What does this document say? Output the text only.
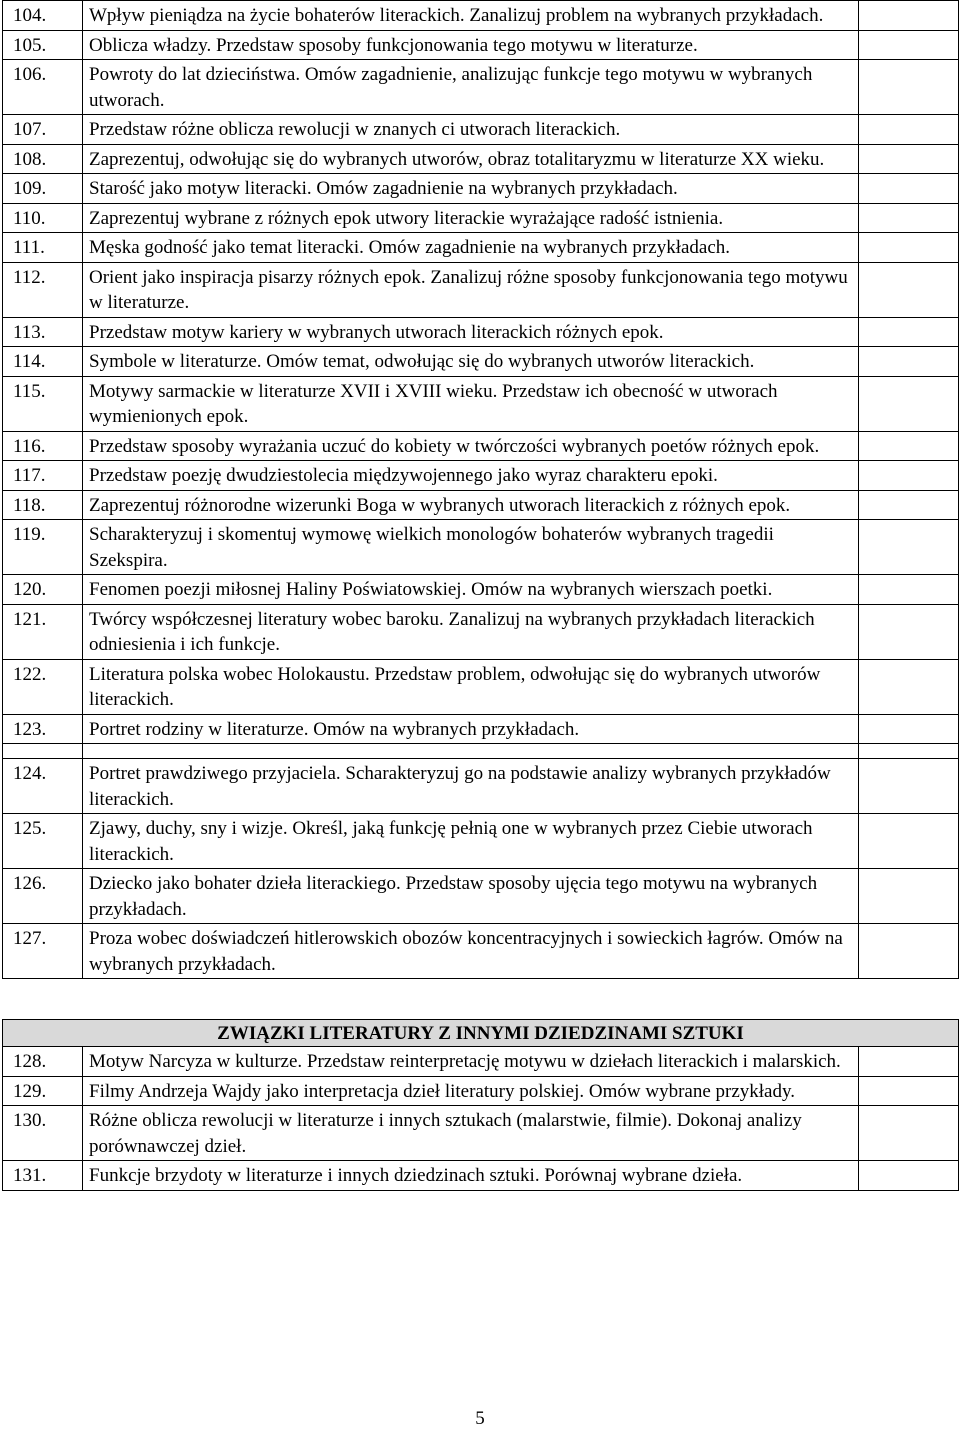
104.	Wpływ pieniądza na życie bohaterów literackich. Zanalizuj problem na wybranych przykładach.	
105.	Oblicza władzy. Przedstaw sposoby funkcjonowania tego motywu w literaturze.	
106.	Powroty do lat dzieciństwa. Omów zagadnienie, analizując funkcje tego motywu w wybranych utworach.	
107.	Przedstaw różne oblicza rewolucji w znanych ci utworach literackich.	
108.	Zaprezentuj, odwołując się do wybranych utworów, obraz totalitaryzmu w literaturze XX wieku.	
109.	Starość jako motyw literacki. Omów zagadnienie na wybranych przykładach.	
110.	Zaprezentuj wybrane z różnych epok utwory literackie wyrażające radość istnienia.	
111.	Męska godność jako temat literacki. Omów zagadnienie na wybranych przykładach.	
112.	Orient jako inspiracja pisarzy różnych epok. Zanalizuj różne sposoby funkcjonowania tego motywu w literaturze.	
113.	Przedstaw motyw kariery w wybranych utworach literackich różnych epok.	
114.	Symbole w literaturze. Omów temat, odwołując się do wybranych utworów literackich.	
115.	Motywy sarmackie w literaturze XVII i XVIII wieku. Przedstaw ich obecność w utworach wymienionych epok.	
116.	Przedstaw sposoby wyrażania uczuć do kobiety w twórczości wybranych poetów różnych epok.	
117.	Przedstaw poezję dwudziestolecia międzywojennego jako wyraz charakteru epoki.	
118.	Zaprezentuj różnorodne wizerunki Boga w wybranych utworach literackich z różnych epok.	
119.	Scharakteryzuj i skomentuj wymowę wielkich monologów bohaterów wybranych tragedii Szekspira.	
120.	Fenomen poezji miłosnej Haliny Poświatowskiej. Omów na wybranych wierszach poetki.	
121.	Twórcy współczesnej literatury wobec baroku. Zanalizuj na wybranych przykładach literackich odniesienia i ich funkcje.	
122.	Literatura polska wobec Holokaustu. Przedstaw problem, odwołując się do wybranych utworów literackich.	
123.	Portret rodziny w literaturze. Omów na wybranych przykładach.	

124.	Portret prawdziwego przyjaciela. Scharakteryzuj go na podstawie analizy wybranych przykładów literackich.	
125.	Zjawy, duchy, sny i wizje. Określ, jaką funkcję pełnią one w wybranych przez Ciebie utworach literackich.	
126.	Dziecko jako bohater dzieła literackiego. Przedstaw sposoby ujęcia tego motywu na wybranych przykładach.	
127.	Proza wobec doświadczeń hitlerowskich obozów koncentracyjnych i sowieckich łagrów. Omów na wybranych przykładach.	

ZWIĄZKI LITERATURY Z INNYMI DZIEDZINAMI SZTUKI		
128.	Motyw Narcyza w kulturze. Przedstaw reinterpretację motywu w dziełach literackich i malarskich.	
129.	Filmy Andrzeja Wajdy jako interpretacja dzieł literatury polskiej. Omów wybrane przykłady.	
130.	Różne oblicza rewolucji w literaturze i innych sztukach (malarstwie, filmie). Dokonaj analizy porównawczej dzieł.	
131.	Funkcje brzydoty w literaturze i innych dziedzinach sztuki. Porównaj wybrane dzieła.	
5
